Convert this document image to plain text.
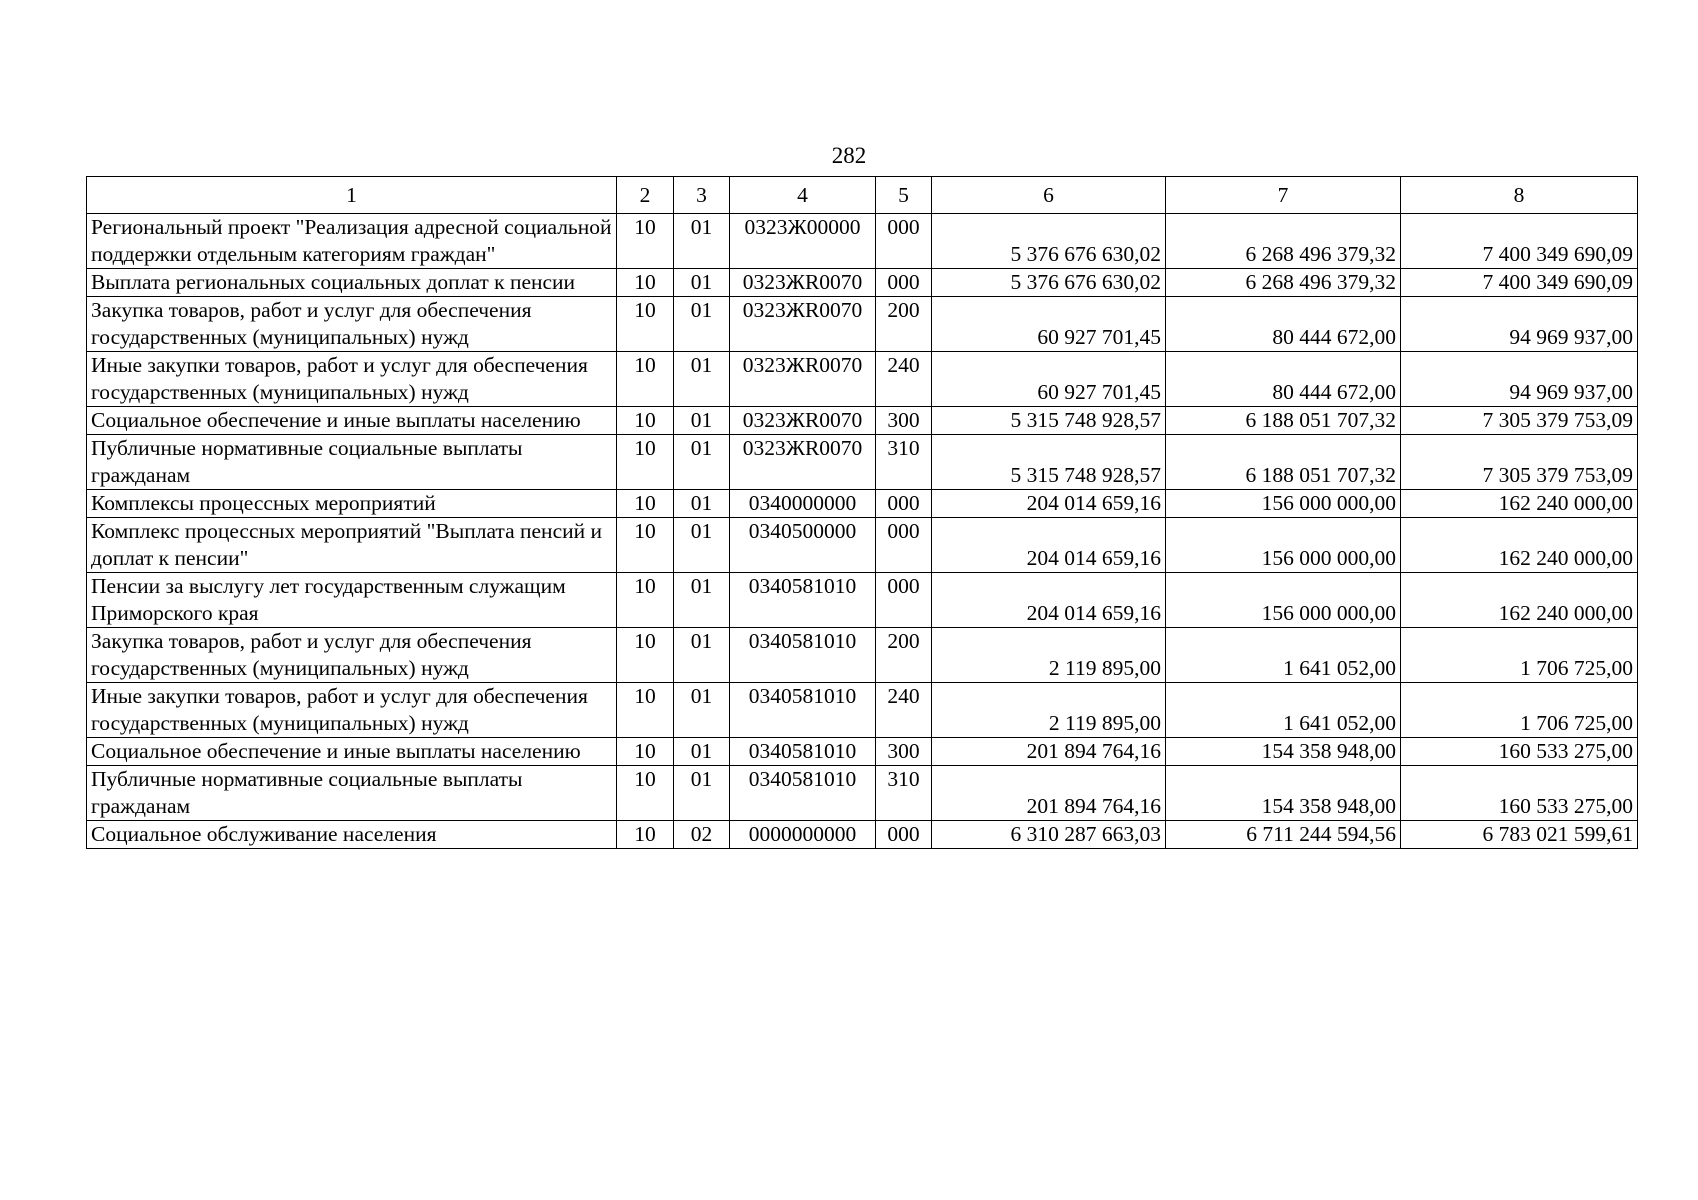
282
1	2	3	4	5	6	7	8
Региональный проект "Реализация адресной социальной поддержки отдельным категориям граждан"	10	01	0323Ж00000	000	5 376 676 630,02	6 268 496 379,32	7 400 349 690,09
Выплата региональных социальных доплат к пенсии	10	01	0323ЖR0070	000	5 376 676 630,02	6 268 496 379,32	7 400 349 690,09
Закупка товаров, работ и услуг для обеспечения государственных (муниципальных) нужд	10	01	0323ЖR0070	200	60 927 701,45	80 444 672,00	94 969 937,00
Иные закупки товаров, работ и услуг для обеспечения государственных (муниципальных) нужд	10	01	0323ЖR0070	240	60 927 701,45	80 444 672,00	94 969 937,00
Социальное обеспечение и иные выплаты населению	10	01	0323ЖR0070	300	5 315 748 928,57	6 188 051 707,32	7 305 379 753,09
Публичные нормативные социальные выплаты гражданам	10	01	0323ЖR0070	310	5 315 748 928,57	6 188 051 707,32	7 305 379 753,09
Комплексы процессных мероприятий	10	01	0340000000	000	204 014 659,16	156 000 000,00	162 240 000,00
Комплекс процессных мероприятий "Выплата пенсий и доплат к пенсии"	10	01	0340500000	000	204 014 659,16	156 000 000,00	162 240 000,00
Пенсии за выслугу лет государственным служащим Приморского края	10	01	0340581010	000	204 014 659,16	156 000 000,00	162 240 000,00
Закупка товаров, работ и услуг для обеспечения государственных (муниципальных) нужд	10	01	0340581010	200	2 119 895,00	1 641 052,00	1 706 725,00
Иные закупки товаров, работ и услуг для обеспечения государственных (муниципальных) нужд	10	01	0340581010	240	2 119 895,00	1 641 052,00	1 706 725,00
Социальное обеспечение и иные выплаты населению	10	01	0340581010	300	201 894 764,16	154 358 948,00	160 533 275,00
Публичные нормативные социальные выплаты гражданам	10	01	0340581010	310	201 894 764,16	154 358 948,00	160 533 275,00
Социальное обслуживание населения	10	02	0000000000	000	6 310 287 663,03	6 711 244 594,56	6 783 021 599,61
